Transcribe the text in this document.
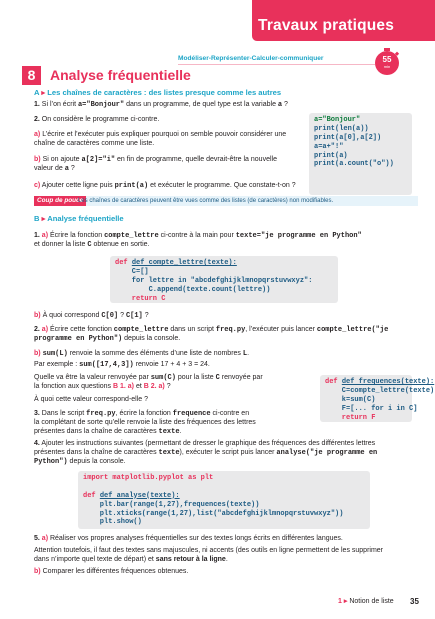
Travaux pratiques
Modéliser-Représenter-Calculer-communiquer	55
min
8	Analyse fréquentielle
A ▸ Les chaînes de caractères : des listes presque comme les autres
1. Si l’on écrit a="Bonjour" dans un programme, de quel type est la variable a ?
2. On considère le programme ci-contre.
a) L’écrire et l’exécuter puis expliquer pourquoi on semble pouvoir considérer une
chaîne de caractères comme une liste.
b) Si on ajoute a[2]="i" en fin de programme, quelle devrait-être la nouvelle
valeur de a ?
a="Bonjour"
print(len(a))
print(a[0],a[2])
a=a+"!"
print(a)
print(a.count("o"))
c) Ajouter cette ligne puis print(a) et exécuter le programme. Que constate-t-on ?
Coup de pouce
Les chaînes de caractères peuvent être vues comme des listes (de caractères) non modifiables.
B ▸ Analyse fréquentielle
1. a) Écrire la fonction compte_lettre ci-contre à la main pour texte="je programme en Python"
et donner la liste C obtenue en sortie.
def def compte_lettre(texte):
C=[]
for lettre in "abcdefghijklmnopqrstuvwxyz":
C.append(texte.count(lettre))
return C
b) À quoi correspond C[0] ? C[1] ?
2. a) Écrire cette fonction compte_lettre dans un script freq.py, l’exécuter puis lancer compte_lettre("je
programme en Python") depuis la console.
b) sum(L) renvoie la somme des éléments d’une liste de nombres L.
Par exemple : sum([17,4,3]) renvoie 17 + 4 + 3 = 24.
Quelle va être la valeur renvoyée par sum(C) pour la liste C renvoyée par
la fonction aux questions B 1. a) et B 2. a) ?
À quoi cette valeur correspond-elle ?
def def frequences(texte):
C=compte_lettre(texte)
k=sum(C)
F=[... for i in C]
return F
3. Dans le script freq.py, écrire la fonction frequence ci-contre en
la complétant de sorte qu’elle renvoie la liste des fréquences des lettres
présentes dans la chaîne de caractères texte.
4. Ajouter les instructions suivantes (permettant de dresser le graphique des fréquences des différentes lettres
présentes dans la chaîne de caractères texte), exécuter le script puis lancer analyse("je programme en
Python") depuis la console.
import matplotlib.pyplot as plt

def def analyse(texte):
plt.bar(range(1,27),frequences(texte))
plt.xticks(range(1,27),list("abcdefghijklmnopqrstuvwxyz"))
plt.show()
5. a) Réaliser vos propres analyses fréquentielles sur des textes longs écrits en différentes langues.
Attention toutefois, il faut des textes sans majuscules, ni accents (des outils en ligne permettent de les supprimer
dans n’importe quel texte de départ) et sans retour à la ligne.
b) Comparer les différentes fréquences obtenues.
1 ▸ Notion de liste 35
